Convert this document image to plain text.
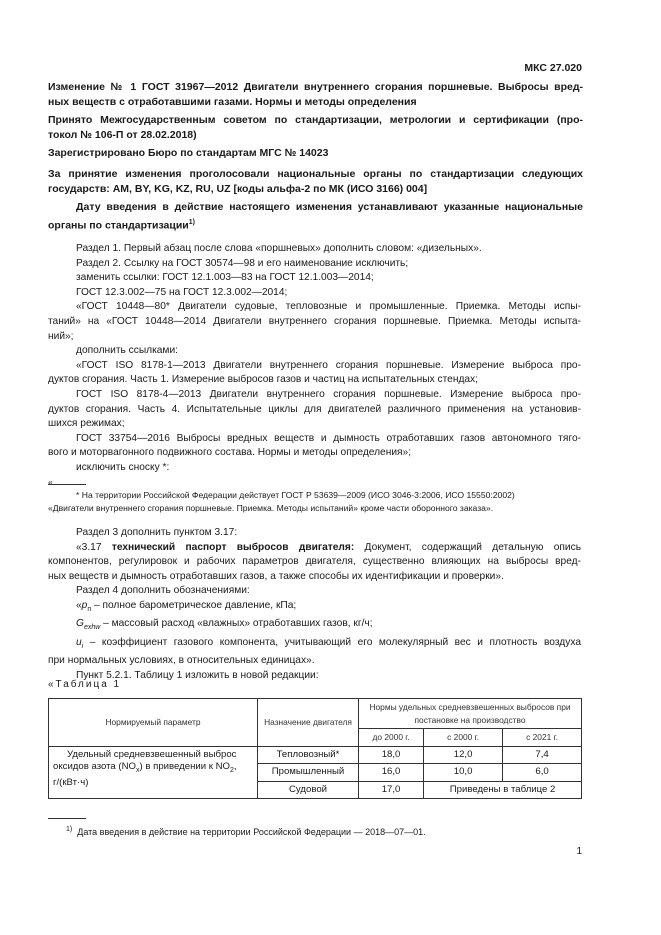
МКС 27.020
Изменение № 1 ГОСТ 31967—2012 Двигатели внутреннего сгорания поршневые. Выбросы вред-
ных веществ с отработавшими газами. Нормы и методы определения
Принято Межгосударственным советом по стандартизации, метрологии и сертификации (про-
токол № 106-П от 28.02.2018)
Зарегистрировано Бюро по стандартам МГС № 14023
За принятие изменения проголосовали национальные органы по стандартизации следующих
государств: AM, BY, KG, KZ, RU, UZ [коды альфа-2 по МК (ИСО 3166) 004]
Дату введения в действие настоящего изменения устанавливают указанные национальные
органы по стандартизации$^{1)}$
Раздел 1. Первый абзац после слова «поршневых» дополнить словом: «дизельных».
Раздел 2. Ссылку на ГОСТ 30574—98 и его наименование исключить;
заменить ссылки: ГОСТ 12.1.003—83 на ГОСТ 12.1.003—2014;
ГОСТ 12.3.002—75 на ГОСТ 12.3.002—2014;
«ГОСТ 10448—80* Двигатели судовые, тепловозные и промышленные. Приемка. Методы испы-
таний» на «ГОСТ 10448—2014 Двигатели внутреннего сгорания поршневые. Приемка. Методы испыта-
ний»;
дополнить ссылками:
«ГОСТ ISO 8178-1—2013 Двигатели внутреннего сгорания поршневые. Измерение выброса про-
дуктов сгорания. Часть 1. Измерение выбросов газов и частиц на испытательных стендах;
ГОСТ ISO 8178-4—2013 Двигатели внутреннего сгорания поршневые. Измерение выброса про-
дуктов сгорания. Часть 4. Испытательные циклы для двигателей различного применения на установив-
шихся режимах;
ГОСТ 33754—2016 Выбросы вредных веществ и дымность отработавших газов автономного тяго-
вого и моторвагонного подвижного состава. Нормы и методы определения»;
исключить сноску *:
«
* На территории Российской Федерации действует ГОСТ Р 53639—2009 (ИСО 3046-3:2006, ИСО 15550:2002)
«Двигатели внутреннего сгорания поршневые. Приемка. Методы испытаний» кроме части оборонного заказа».
Раздел 3 дополнить пунктом 3.17:
«3.17 технический паспорт выбросов двигателя: Документ, содержащий детальную опись
компонентов, регулировок и рабочих параметров двигателя, существенно влияющих на выбросы вред-
ных веществ и дымность отработавших газов, а также способы их идентификации и проверки».
Раздел 4 дополнить обозначениями:
«$p_п$ – полное барометрическое давление, кПа;
$G_{exhw}$ – массовый расход «влажных» отработавших газов, кг/ч;
$u_i$ – коэффициент газового компонента, учитывающий его молекулярный вес и плотность воздуха
при нормальных условиях, в относительных единицах».
Пункт 5.2.1. Таблицу 1 изложить в новой редакции:
«Таблица 1
Нормируемый параметр	Назначение двигателя	Нормы удельных средневзвешенных выбросов при постановке на производство		
		до 2000 г.	с 2000 г.	с 2021 г.

Удельный средневзвешенный выброс
оксидов азота $(NO_x)$ в приведении к $NO_2$,
г/(кВт·ч)	Тепловозный*	18,0	12,0	7,4
	Промышленный	16,0	10,0	6,0
	Судовой	17,0	Приведены в таблице 2	
$^{1)}$ Дата введения в действие на территории Российской Федерации — 2018—07—01.
1
